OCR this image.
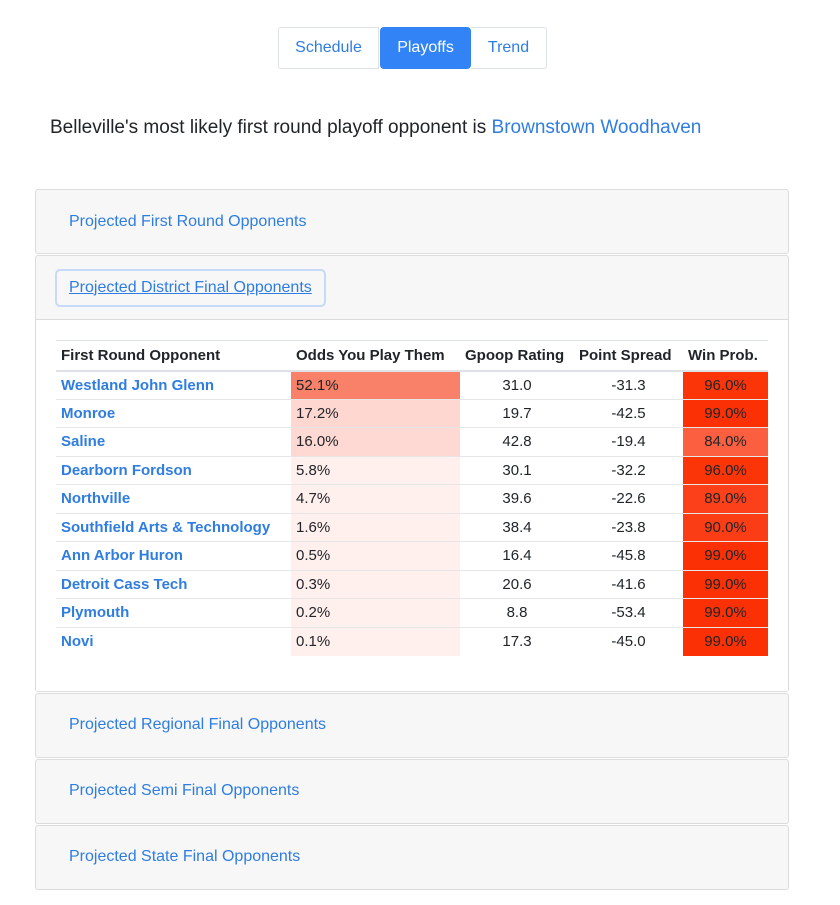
Schedule	Playoffs	Trend
Belleville's most likely first round playoff opponent is Brownstown Woodhaven
Projected First Round Opponents
Projected District Final Opponents
First Round Opponent	Odds You Play Them	Gpoop Rating	Point Spread	Win Prob.
Westland John Glenn	52.1%	31.0	-31.3	96.0%
Monroe	17.2%	19.7	-42.5	99.0%
Saline	16.0%	42.8	-19.4	84.0%
Dearborn Fordson	5.8%	30.1	-32.2	96.0%
Northville	4.7%	39.6	-22.6	89.0%
Southfield Arts & Technology	1.6%	38.4	-23.8	90.0%
Ann Arbor Huron	0.5%	16.4	-45.8	99.0%
Detroit Cass Tech	0.3%	20.6	-41.6	99.0%
Plymouth	0.2%	8.8	-53.4	99.0%
Novi	0.1%	17.3	-45.0	99.0%
Projected Regional Final Opponents
Projected Semi Final Opponents
Projected State Final Opponents
